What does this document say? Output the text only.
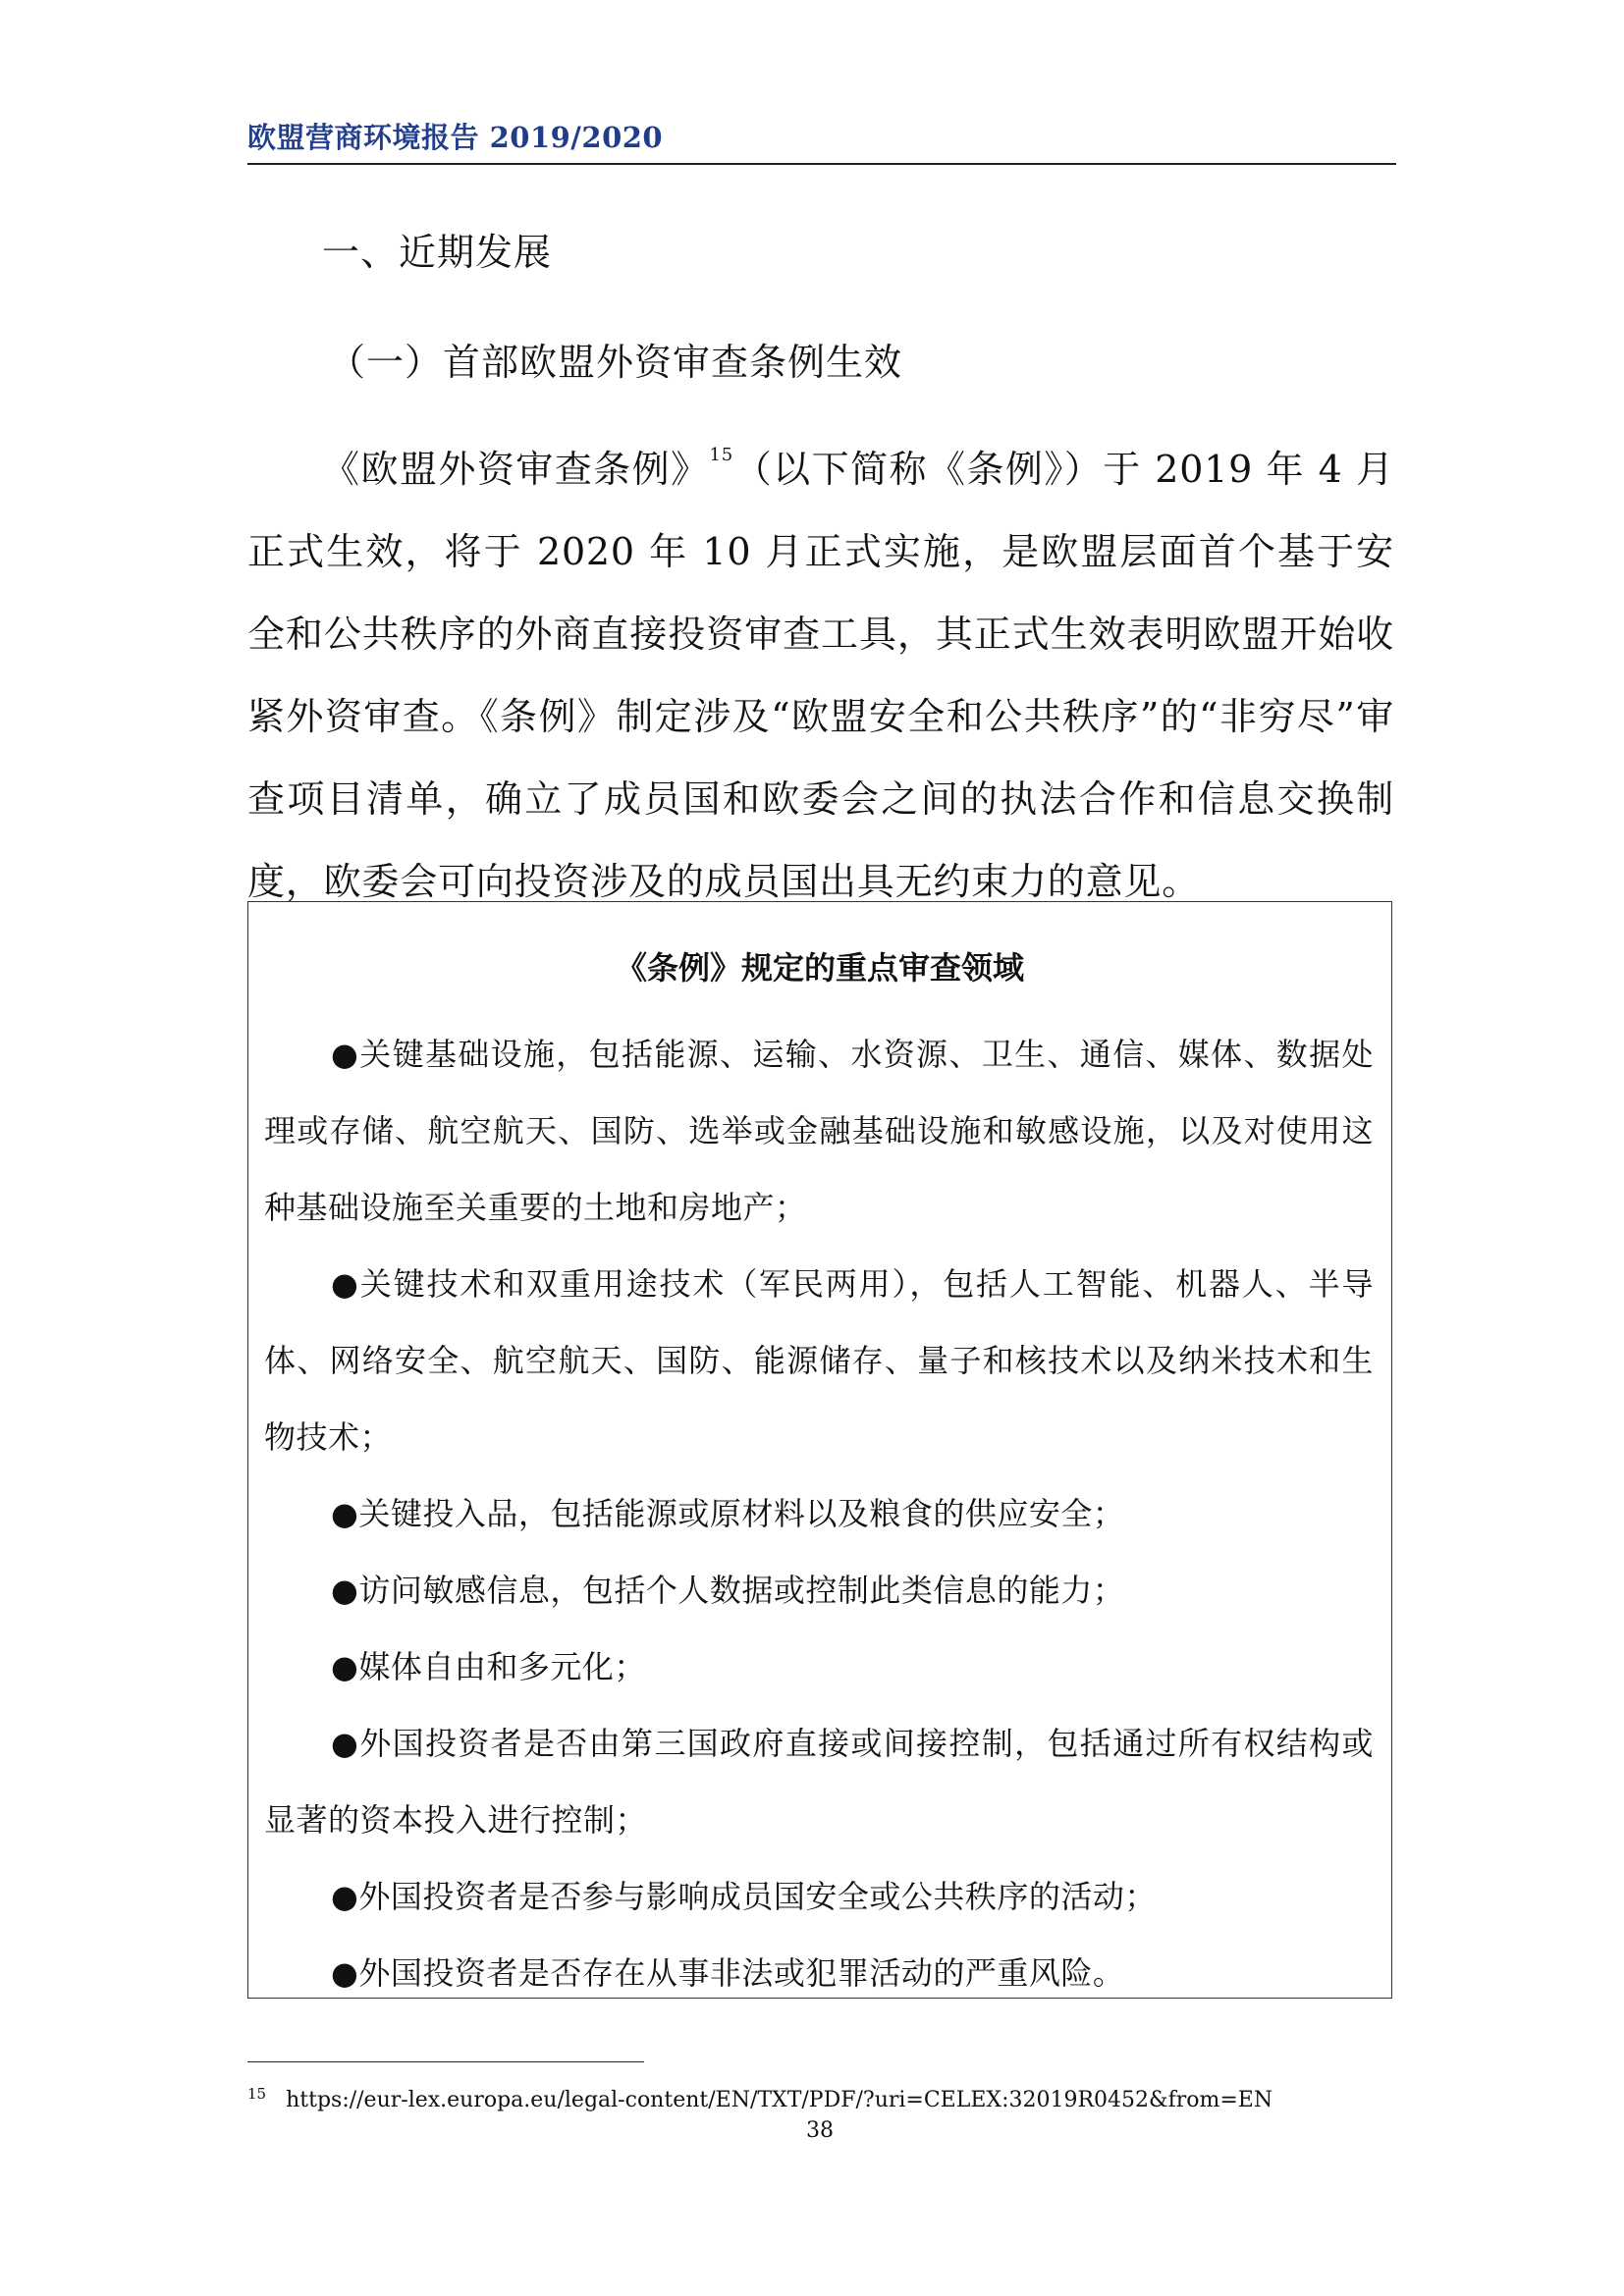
欧盟营商环境报告 2019/2020
一、近期发展
（一）首部欧盟外资审查条例生效
《欧盟外资审查条例》$^{15}$（以下简称《条例》）于 2019 年 4 月正式生效，将于 2020 年 10 月正式实施，是欧盟层面首个基于安全和公共秩序的外商直接投资审查工具，其正式生效表明欧盟开始收紧外资审查。《条例》制定涉及“欧盟安全和公共秩序”的“非穷尽”审查项目清单，确立了成员国和欧委会之间的执法合作和信息交换制度，欧委会可向投资涉及的成员国出具无约束力的意见。
《条例》规定的重点审查领域

●关键基础设施，包括能源、运输、水资源、卫生、通信、媒体、数据处理或存储、航空航天、国防、选举或金融基础设施和敏感设施，以及对使用这种基础设施至关重要的土地和房地产；

●关键技术和双重用途技术（军民两用），包括人工智能、机器人、半导体、网络安全、航空航天、国防、能源储存、量子和核技术以及纳米技术和生物技术；

●关键投入品，包括能源或原材料以及粮食的供应安全；

●访问敏感信息，包括个人数据或控制此类信息的能力；

●媒体自由和多元化；

●外国投资者是否由第三国政府直接或间接控制，包括通过所有权结构或显著的资本投入进行控制；

●外国投资者是否参与影响成员国安全或公共秩序的活动；

●外国投资者是否存在从事非法或犯罪活动的严重风险。

$^{15}$ https://eur-lex.europa.eu/legal-content/EN/TXT/PDF/?uri=CELEX:32019R0452&from=EN
38
